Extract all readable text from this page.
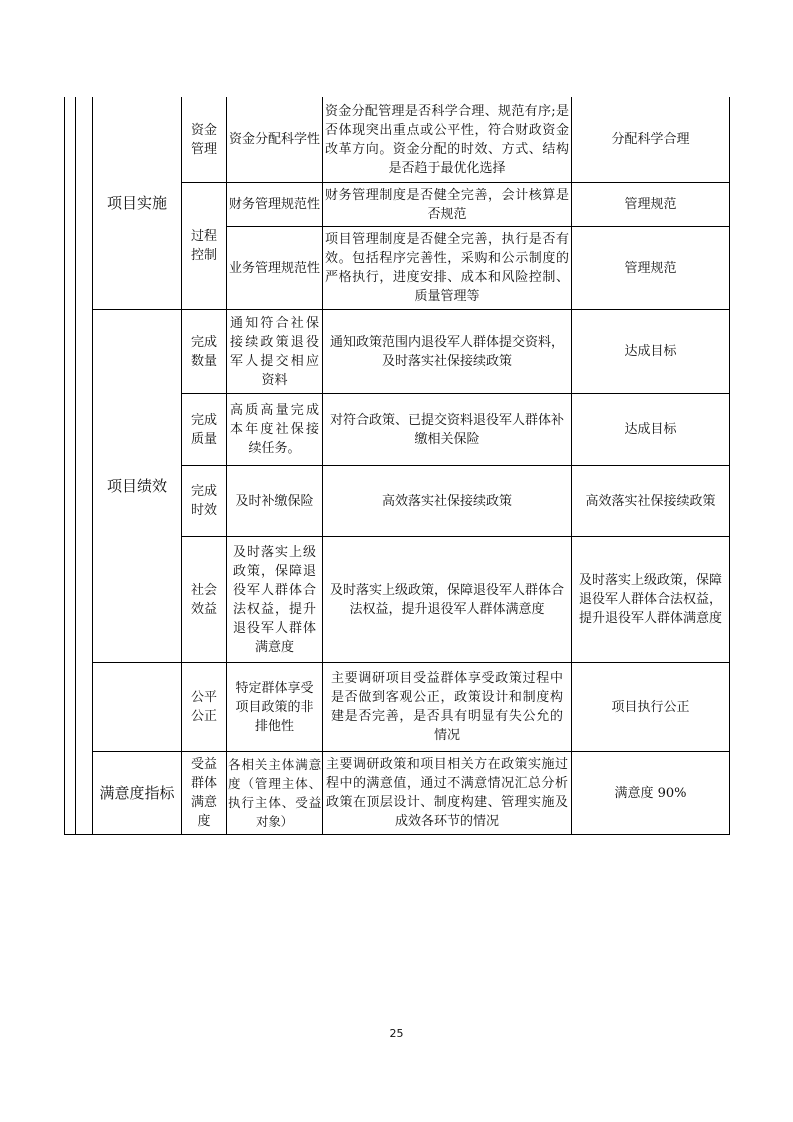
项目实施
资金管理
资金分配科学性
资金分配管理是否科学合理、规范有序;是否体现突出重点或公平性，符合财政资金改革方向。资金分配的时效、方式、结构是否趋于最优化选择
分配科学合理
过程控制
财务管理规范性
财务管理制度是否健全完善，会计核算是否规范
管理规范
业务管理规范性
项目管理制度是否健全完善，执行是否有效。包括程序完善性，采购和公示制度的严格执行，进度安排、成本和风险控制、质量管理等
管理规范
项目绩效
完成数量
通知符合社保接续政策退役军人提交相应资料
通知政策范围内退役军人群体提交资料，及时落实社保接续政策
达成目标
完成质量
高质高量完成本年度社保接续任务。
对符合政策、已提交资料退役军人群体补缴相关保险
达成目标
完成时效
及时补缴保险	高效落实社保接续政策	高效落实社保接续政策
社会效益
及时落实上级政策，保障退役军人群体合法权益，提升退役军人群体满意度
及时落实上级政策，保障退役军人群体合法权益，提升退役军人群体满意度
及时落实上级政策，保障退役军人群体合法权益，提升退役军人群体满意度
公平公正
特定群体享受项目政策的非排他性
主要调研项目受益群体享受政策过程中是否做到客观公正，政策设计和制度构建是否完善，是否具有明显有失公允的情况
项目执行公正
满意度指标
受益群体满意度
各相关主体满意度（管理主体、执行主体、受益对象）
主要调研政策和项目相关方在政策实施过程中的满意值，通过不满意情况汇总分析政策在顶层设计、制度构建、管理实施及成效各环节的情况
满意度 90%
25
